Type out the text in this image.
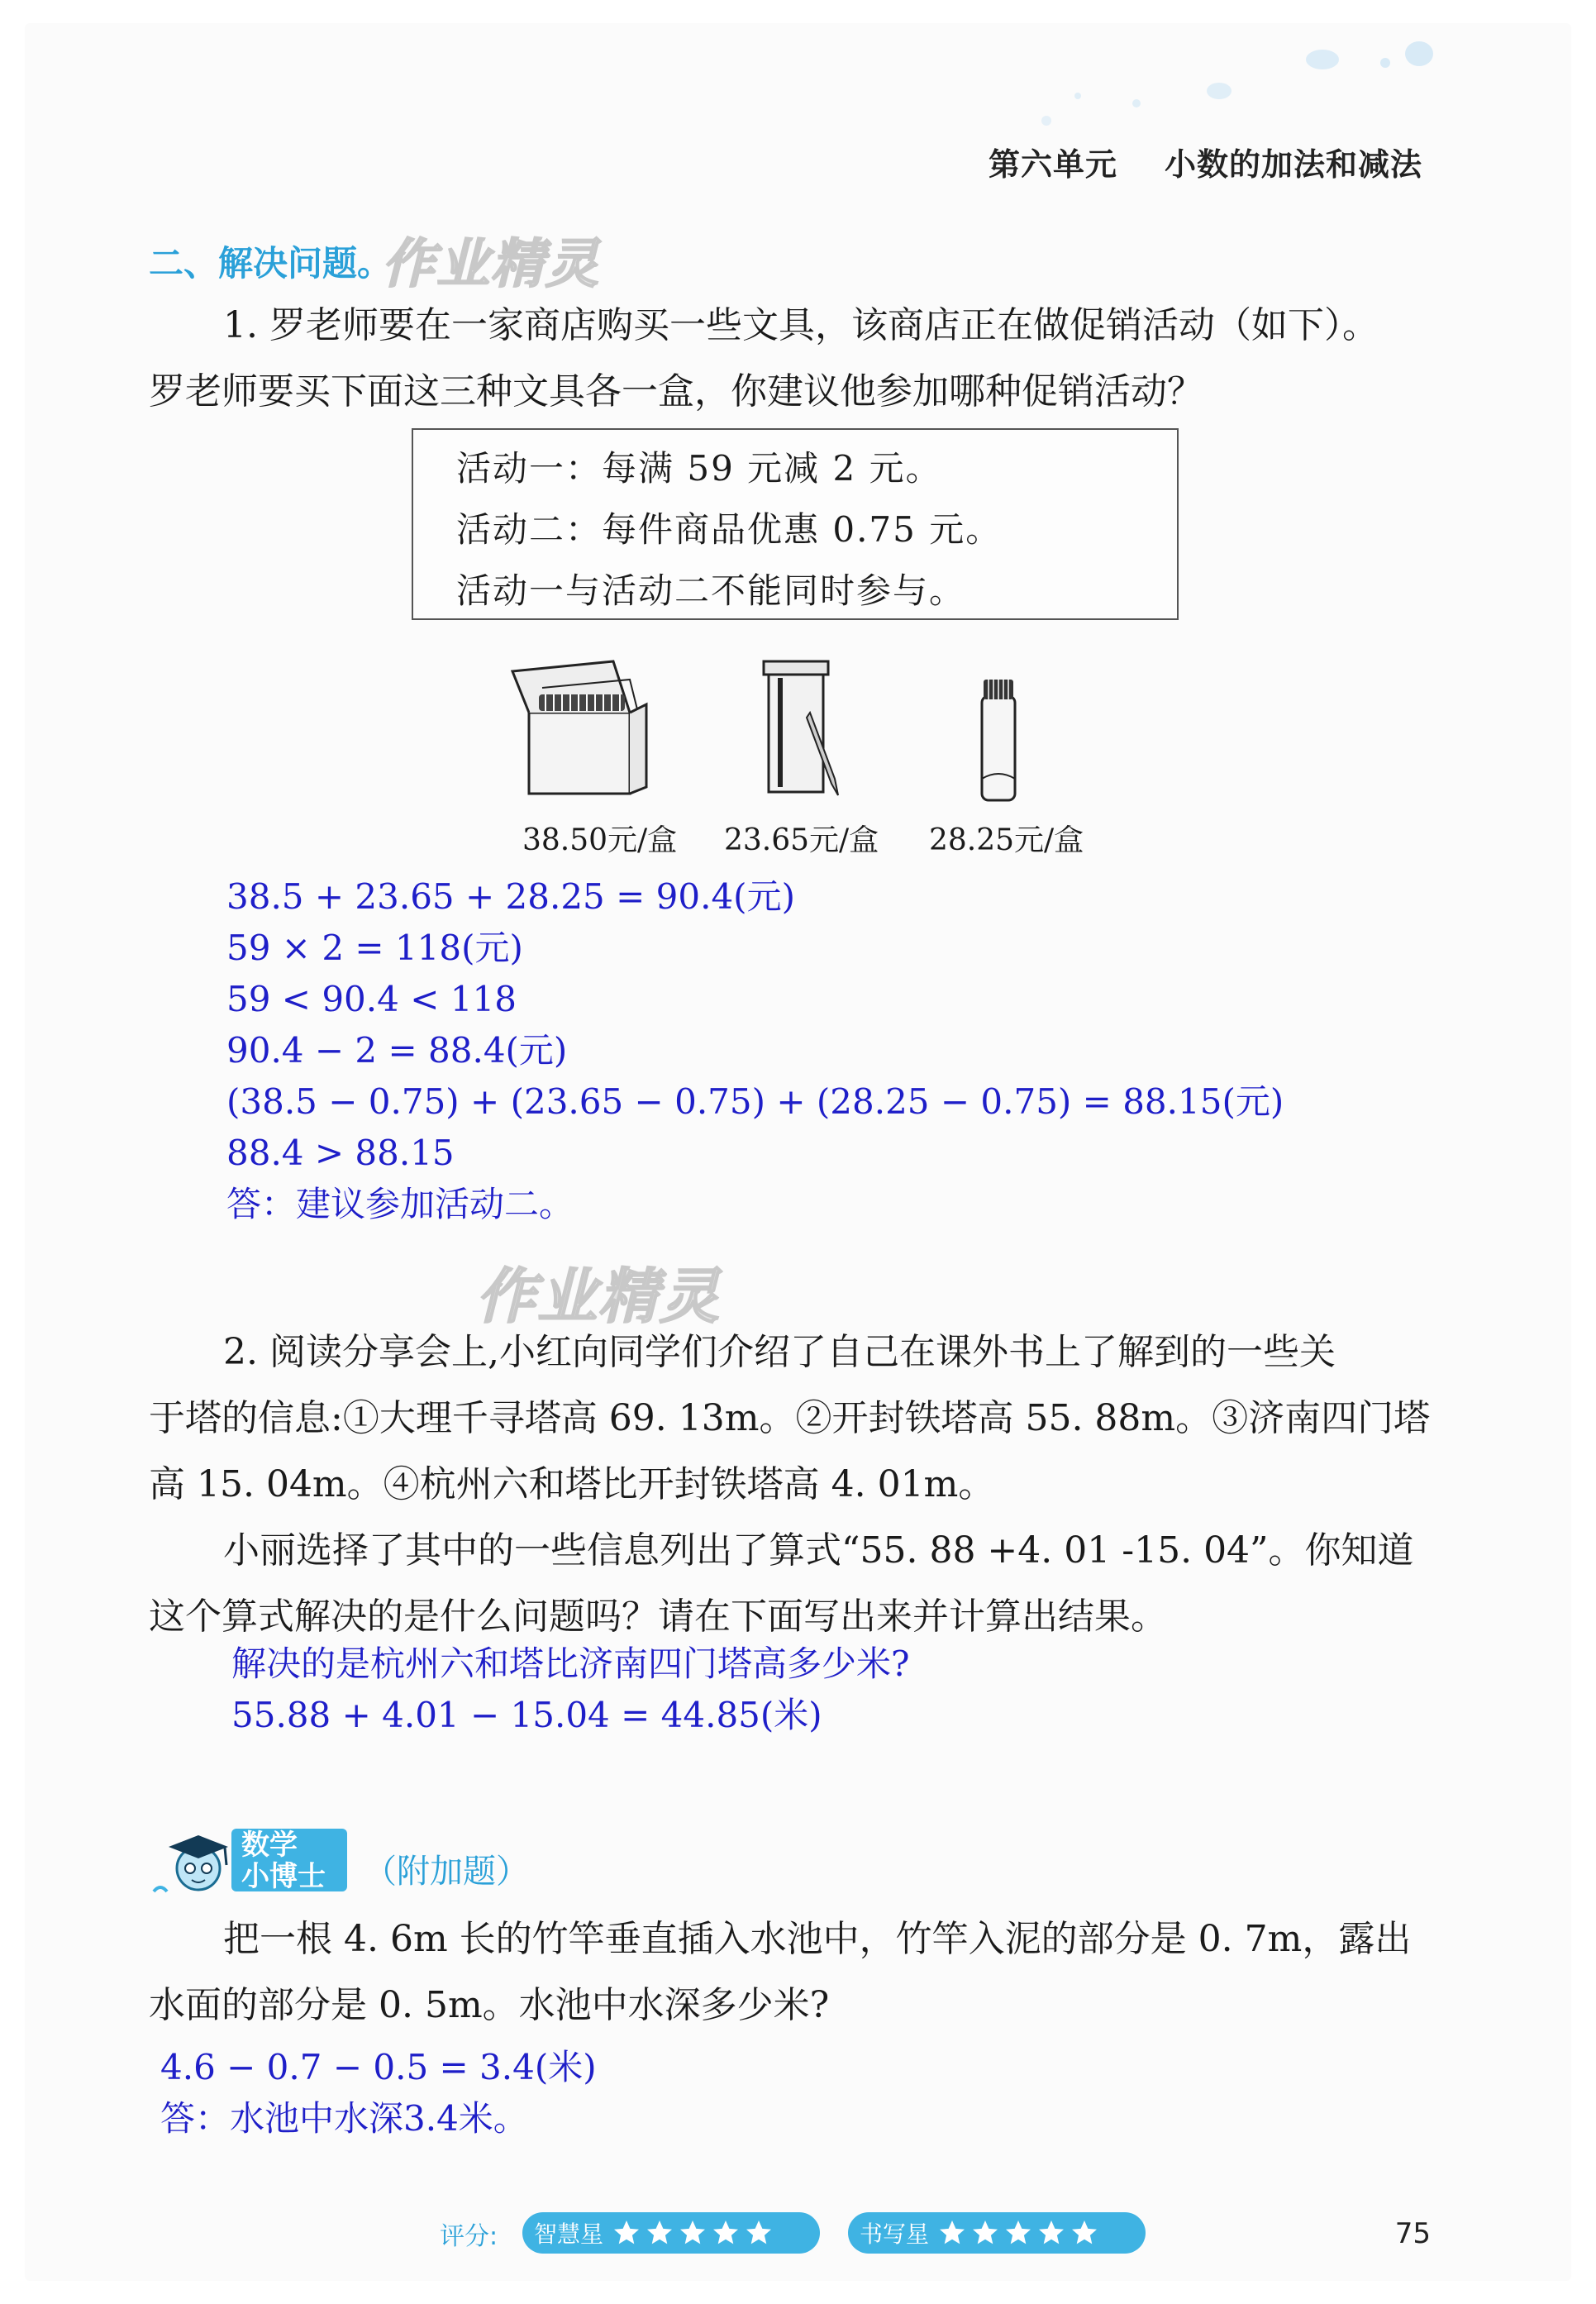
第六单元 小数的加法和减法
二、解决问题。
作业精灵
1. 罗老师要在一家商店购买一些文具，该商店正在做促销活动（如下）。
罗老师要买下面这三种文具各一盒，你建议他参加哪种促销活动？
活动一：每满 59 元减 2 元。
活动二：每件商品优惠 0.75 元。
活动一与活动二不能同时参与。
38.50元/盒 23.65元/盒 28.25元/盒
38.5 + 23.65 + 28.25 = 90.4(元)
59 × 2 = 118(元)
59 < 90.4 < 118
90.4 − 2 = 88.4(元)
(38.5 − 0.75) + (23.65 − 0.75) + (28.25 − 0.75) = 88.15(元)
88.4 > 88.15
答：建议参加活动二。
作业精灵
2. 阅读分享会上,小红向同学们介绍了自己在课外书上了解到的一些关
于塔的信息:①大理千寻塔高 69. 13m。②开封铁塔高 55. 88m。③济南四门塔
高 15. 04m。④杭州六和塔比开封铁塔高 4. 01m。
小丽选择了其中的一些信息列出了算式“55. 88 +4. 01 -15. 04”。你知道
这个算式解决的是什么问题吗？请在下面写出来并计算出结果。
解决的是杭州六和塔比济南四门塔高多少米?
55.88 + 4.01 − 15.04 = 44.85(米)
数学
小博士 （附加题）
把一根 4. 6m 长的竹竿垂直插入水池中，竹竿入泥的部分是 0. 7m，露出
水面的部分是 0. 5m。水池中水深多少米?
4.6 − 0.7 − 0.5 = 3.4(米)
答：水池中水深3.4米。
评分: 智慧星	书写星	75
